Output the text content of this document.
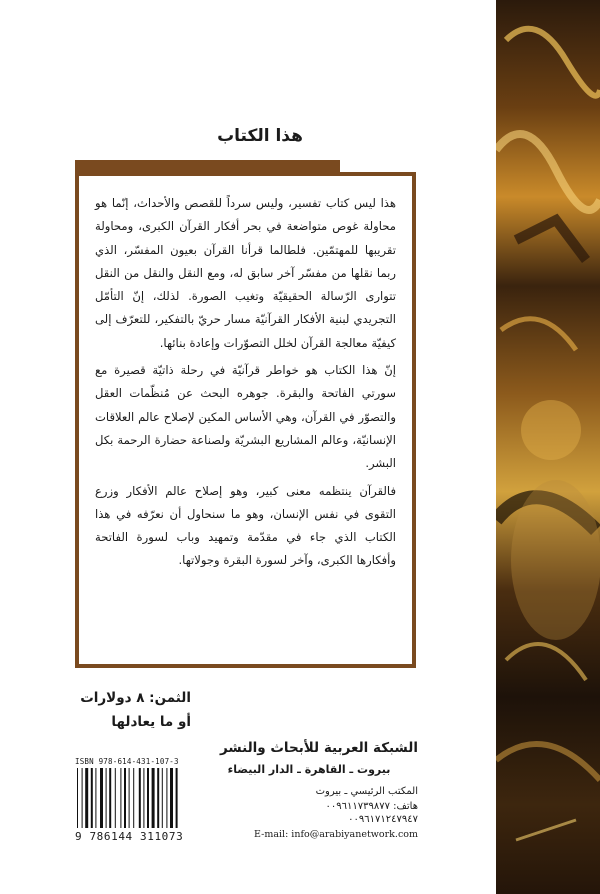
هذا الكتاب

هذا ليس كتاب تفسير، وليس سرداً للقصص والأحداث، إنّما هو محاولة غوص متواضعة في بحر أفكار القرآن الكبرى، ومحاولة تقريبها للمهتمّين. فلطالما قرأنا القرآن بعيون المفسّر، الذي ربما نقلها من مفسّر آخر سابق له، ومع النقل والنقل من النقل تتوارى الرّسالة الحقيقيّة وتغيب الصورة. لذلك، إنّ التأمّل التجريدي لبنية الأفكار القرآنيّة مسار حريّ بالتفكير، للتعرّف إلى كيفيّة معالجة القرآن لخلل التصوّرات وإعادة بنائها.

إنّ هذا الكتاب هو خواطر قرآنيّة في رحلة ذاتيّة قصيرة مع سورتي الفاتحة والبقرة. جوهره البحث عن مُنظّمات العقل والتصوّر في القرآن، وهي الأساس المكين لإصلاح عالم العلاقات الإنسانيّة، وعالم المشاريع البشريّة ولصناعة حضارة الرحمة بكل البشر.

فالقرآن ينتظمه معنى كبير، وهو إصلاح عالم الأفكار وزرع التقوى في نفس الإنسان، وهو ما سنحاول أن نعرّفه في هذا الكتاب الذي جاء في مقدّمة وتمهيد وباب لسورة الفاتحة وأفكارها الكبرى، وآخر لسورة البقرة وجولاتها.

الثمن: ٨ دولارات
أو ما يعادلها
ISBN 978-614-431-107-3
9 786144 311073
الشبكة العربية للأبحاث والنشر
بيروت ـ القاهرة ـ الدار البيضاء
المكتب الرئيسي ـ بيروت
هاتف: ٠٠٩٦١١٧٣٩٨٧٧
٠٠٩٦١٧١٢٤٧٩٤٧
E-mail: info@arabiyanetwork.com
